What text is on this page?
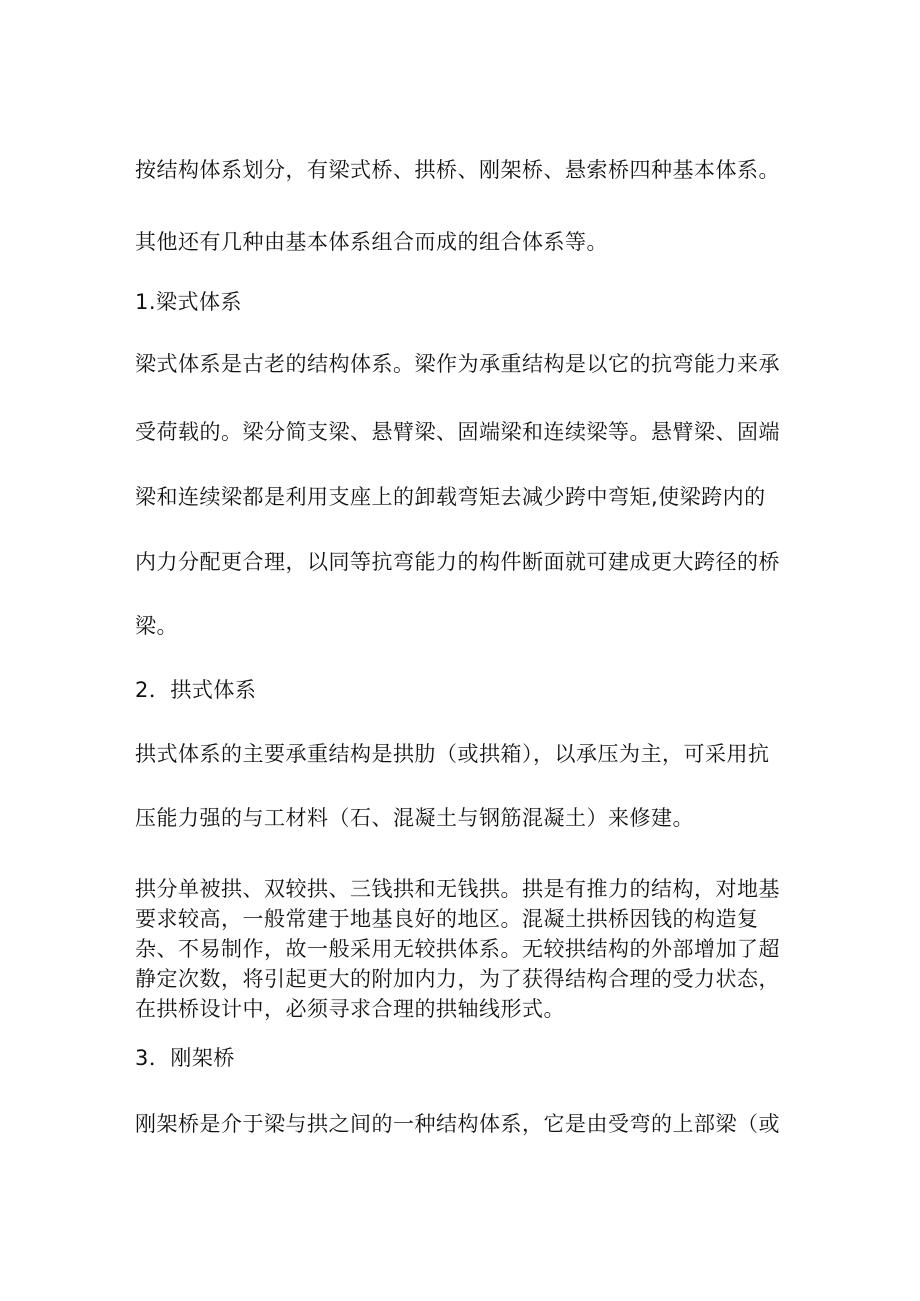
按结构体系划分，有梁式桥、拱桥、刚架桥、悬索桥四种基本体系。
其他还有几种由基本体系组合而成的组合体系等。
1.梁式体系
梁式体系是古老的结构体系。梁作为承重结构是以它的抗弯能力来承
受荷载的。梁分简支梁、悬臂梁、固端梁和连续梁等。悬臂梁、固端
梁和连续梁都是利用支座上的卸载弯矩去减少跨中弯矩,使梁跨内的
内力分配更合理，以同等抗弯能力的构件断面就可建成更大跨径的桥
梁。
2．拱式体系
拱式体系的主要承重结构是拱肋（或拱箱），以承压为主，可采用抗
压能力强的与工材料（石、混凝土与钢筋混凝土）来修建。
拱分单被拱、双较拱、三钱拱和无钱拱。拱是有推力的结构，对地基
要求较高，一般常建于地基良好的地区。混凝土拱桥因钱的构造复
杂、不易制作，故一般采用无较拱体系。无较拱结构的外部增加了超
静定次数，将引起更大的附加内力，为了获得结构合理的受力状态，
在拱桥设计中，必须寻求合理的拱轴线形式。
3．刚架桥
刚架桥是介于梁与拱之间的一种结构体系，它是由受弯的上部梁（或
